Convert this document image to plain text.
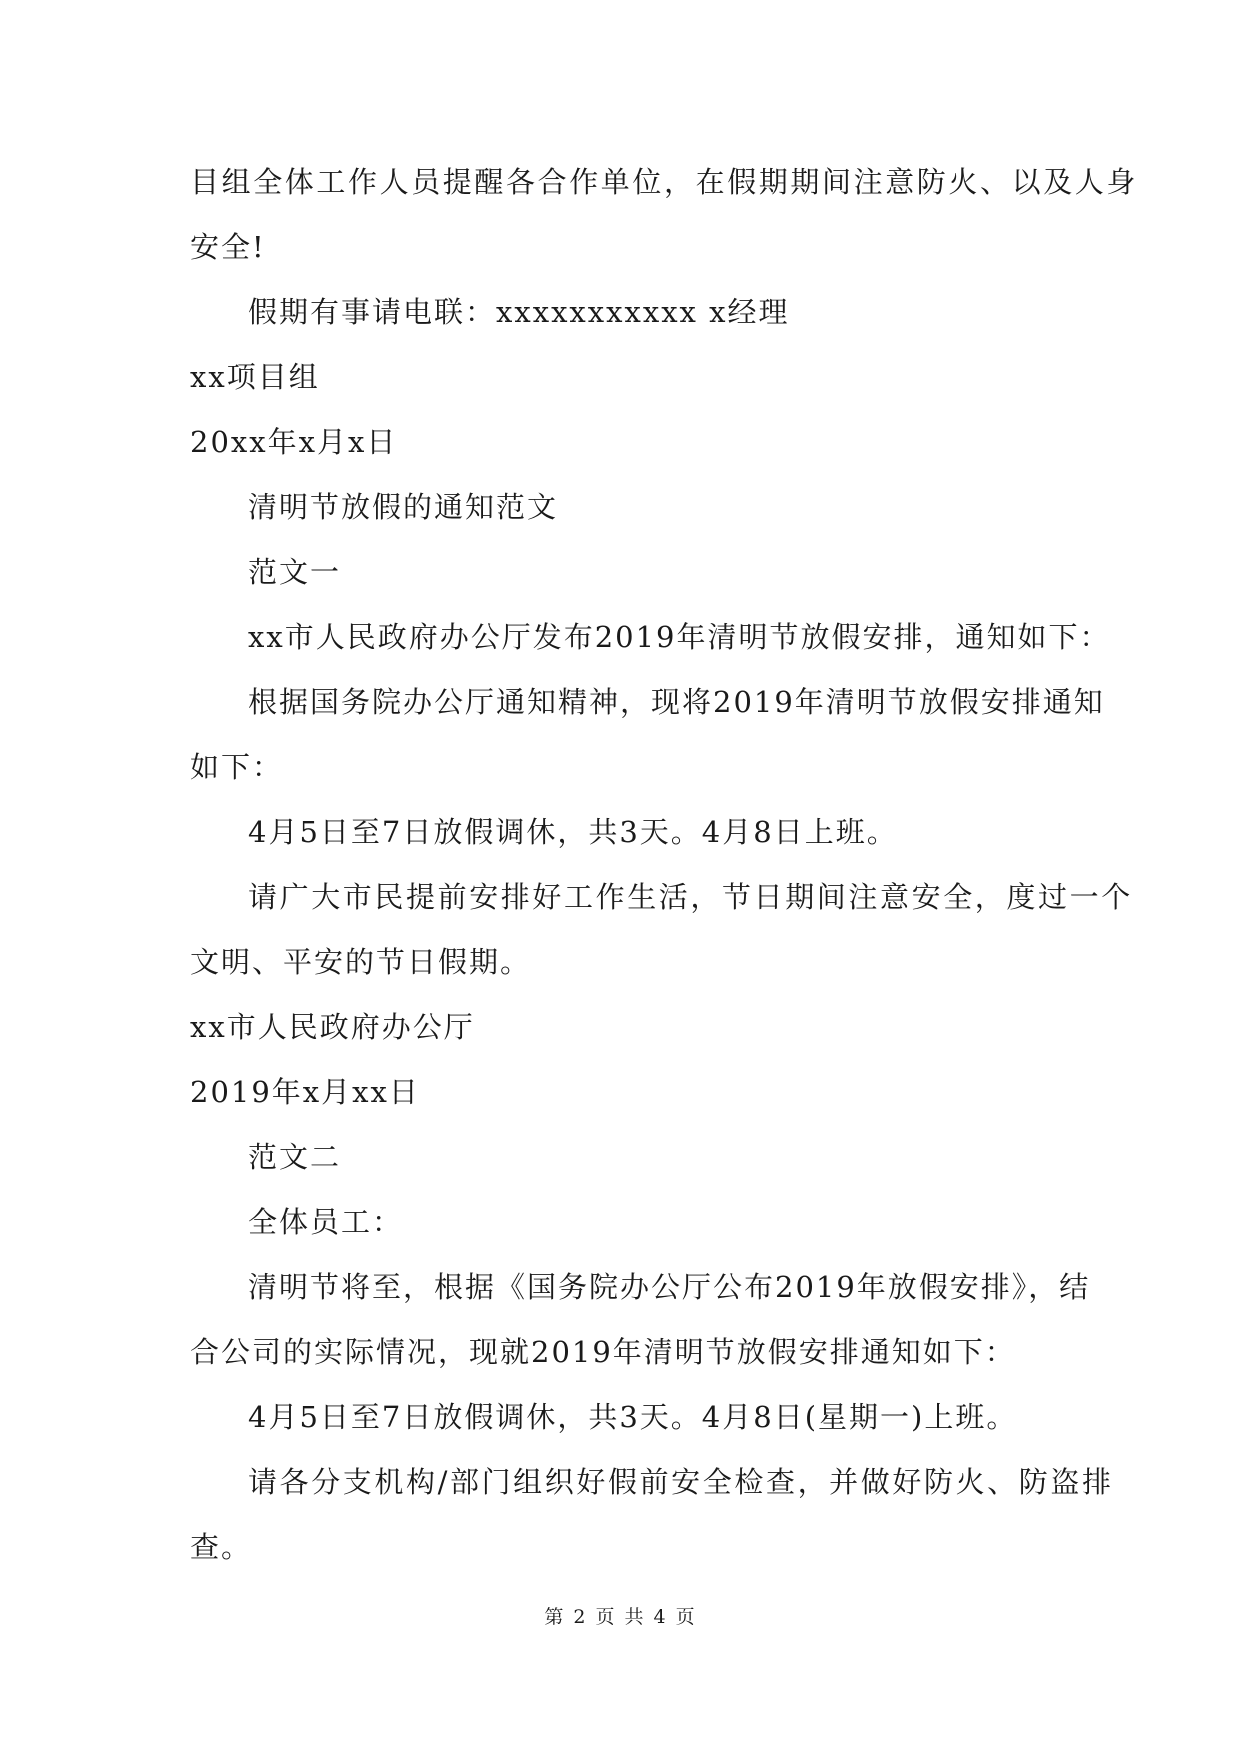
目组全体工作人员提醒各合作单位，在假期期间注意防火、以及人身

安全!

假期有事请电联：xxxxxxxxxxx x经理

xx项目组

20xx年x月x日

清明节放假的通知范文

范文一

xx市人民政府办公厅发布2019年清明节放假安排，通知如下：

根据国务院办公厅通知精神，现将2019年清明节放假安排通知

如下：

4月5日至7日放假调休，共3天。4月8日上班。

请广大市民提前安排好工作生活，节日期间注意安全，度过一个

文明、平安的节日假期。

xx市人民政府办公厅

2019年x月xx日

范文二

全体员工：

清明节将至，根据《国务院办公厅公布2019年放假安排》，结

合公司的实际情况，现就2019年清明节放假安排通知如下：

4月5日至7日放假调休，共3天。4月8日(星期一)上班。

请各分支机构/部门组织好假前安全检查，并做好防火、防盗排

查。

第 2 页 共 4 页
